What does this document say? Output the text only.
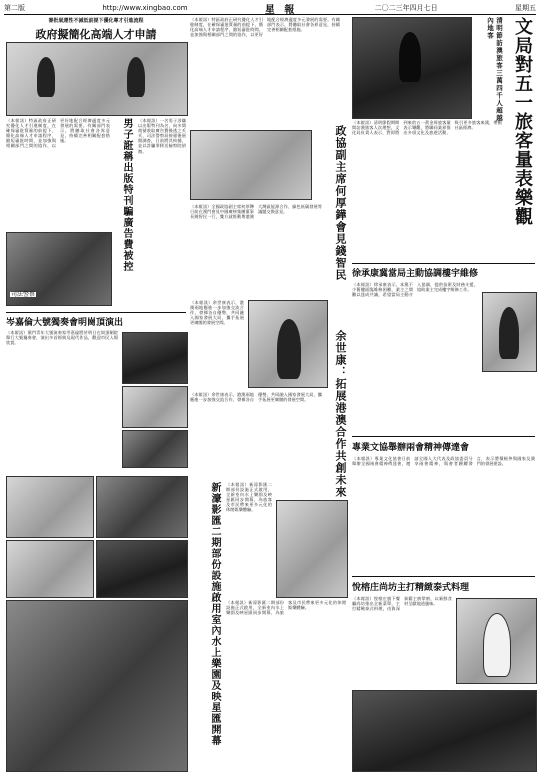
第二版	http://www.xingbao.com	星 報	二〇二三年四月七日	星期五
審批氣運性不減低前提下優化專才引進流程
政府擬簡化高端人才申請
（本報訊）特區政府正研究優化人才引進制度，在確保審批質量的前提下，簡化高端人才申請程序，縮短審批時間，並加強與相關部門之間的協作，以更好地配合經濟適度多元發展的需要。有關部門表示，將聽取社會各界意見，持續完善相關配套措施。	男子誑稱出版特刊騙廣告費被控	（本報訊）一名男子涉嫌以出版特刊為名，向多間商號收取廣告費後逃之夭夭，司法警察局接報後展開調查，日前將其拘捕，並以詐騙罪移送檢察院偵辦。
司法警察
岑嘉倫大號獨奏會明崗頂演出
（本報訊）澳門青年大號演奏家岑嘉倫將於明日在崗頂劇院舉行大號獨奏會，演出多首經典及現代作品，歡迎市民入場欣賞。
（本報訊）特區政府正研究優化人才引進制度，在確保審批質量的前提下，簡化高端人才申請程序，縮短審批時間，並加強與相關部門之間的協作，以更好地配合經濟適度多元發展的需要。有關部門表示，將聽取社會各界意見，持續完善相關配套措施。
政協副主席何厚鏵會見錢智民
（本報訊）全國政協副主席何厚鏵日前在澳門會見中國廣核集團董事長錢智民一行，雙方就推動粵港澳大灣區能源合作、綠色低碳發展等議題交換意見。
（本報訊）余世康表示，港澳兩地應進一步加強交流合作，發揮各自優勢，共同融入國家發展大局，攜手拓展更廣闊的發展空間。
余世康：拓展港澳合作共創未來
（本報訊）余世康表示，港澳兩地應進一步加強交流合作，發揮各自優勢，共同融入國家發展大局，攜手拓展更廣闊的發展空間。
新濠影匯二期部份設施啟用室內水上樂園及映星匯開幕	（本報訊）新濠影匯二期部份設施正式啟用，全新室內水上樂園及映星匯同步開幕，為旅客及市民帶來更多元化的休閒娛樂體驗。
（本報訊）新濠影匯二期部份設施正式啟用，全新室內水上樂園及映星匯同步開幕，為旅客及市民帶來更多元化的休閒娛樂體驗。
清明節訪澳旅客三萬四千人超越內地客	文局對五一旅客量表樂觀
（本報訊）清明節假期期間訪澳旅客人次理想，文化局負責人表示，對即將到來的五一黃金周旅客量表示樂觀，將聯同業界推出多項文化及旅遊活動，吸引更多旅客來澳，帶動社區經濟。
徐承康冀當局主動協調樓宇維修
（本報訊）徐承康表示，本澳不少舊樓面臨維修困難，業主之間難以達成共識，希望當局主動介入協調，提供技術及財務支援，協助業主完成樓宇維修工作。
專業文協舉辦兩會精神傳達會
（本報訊）專業文化協會日前舉辦全國兩會精神傳達會，邀請全國人大代表及政協委員分享兩會精神，與會者踴躍發言，表示將積極參與國家及澳門的發展建設。
悅榕庄尚坊主打精緻泰式料理
（本報訊）悅榕庄旗下餐廳尚坊推出全新菜單，主打精緻泰式料理，由資深泰籍主廚掌廚，以新鮮食材呈獻地道風味。
